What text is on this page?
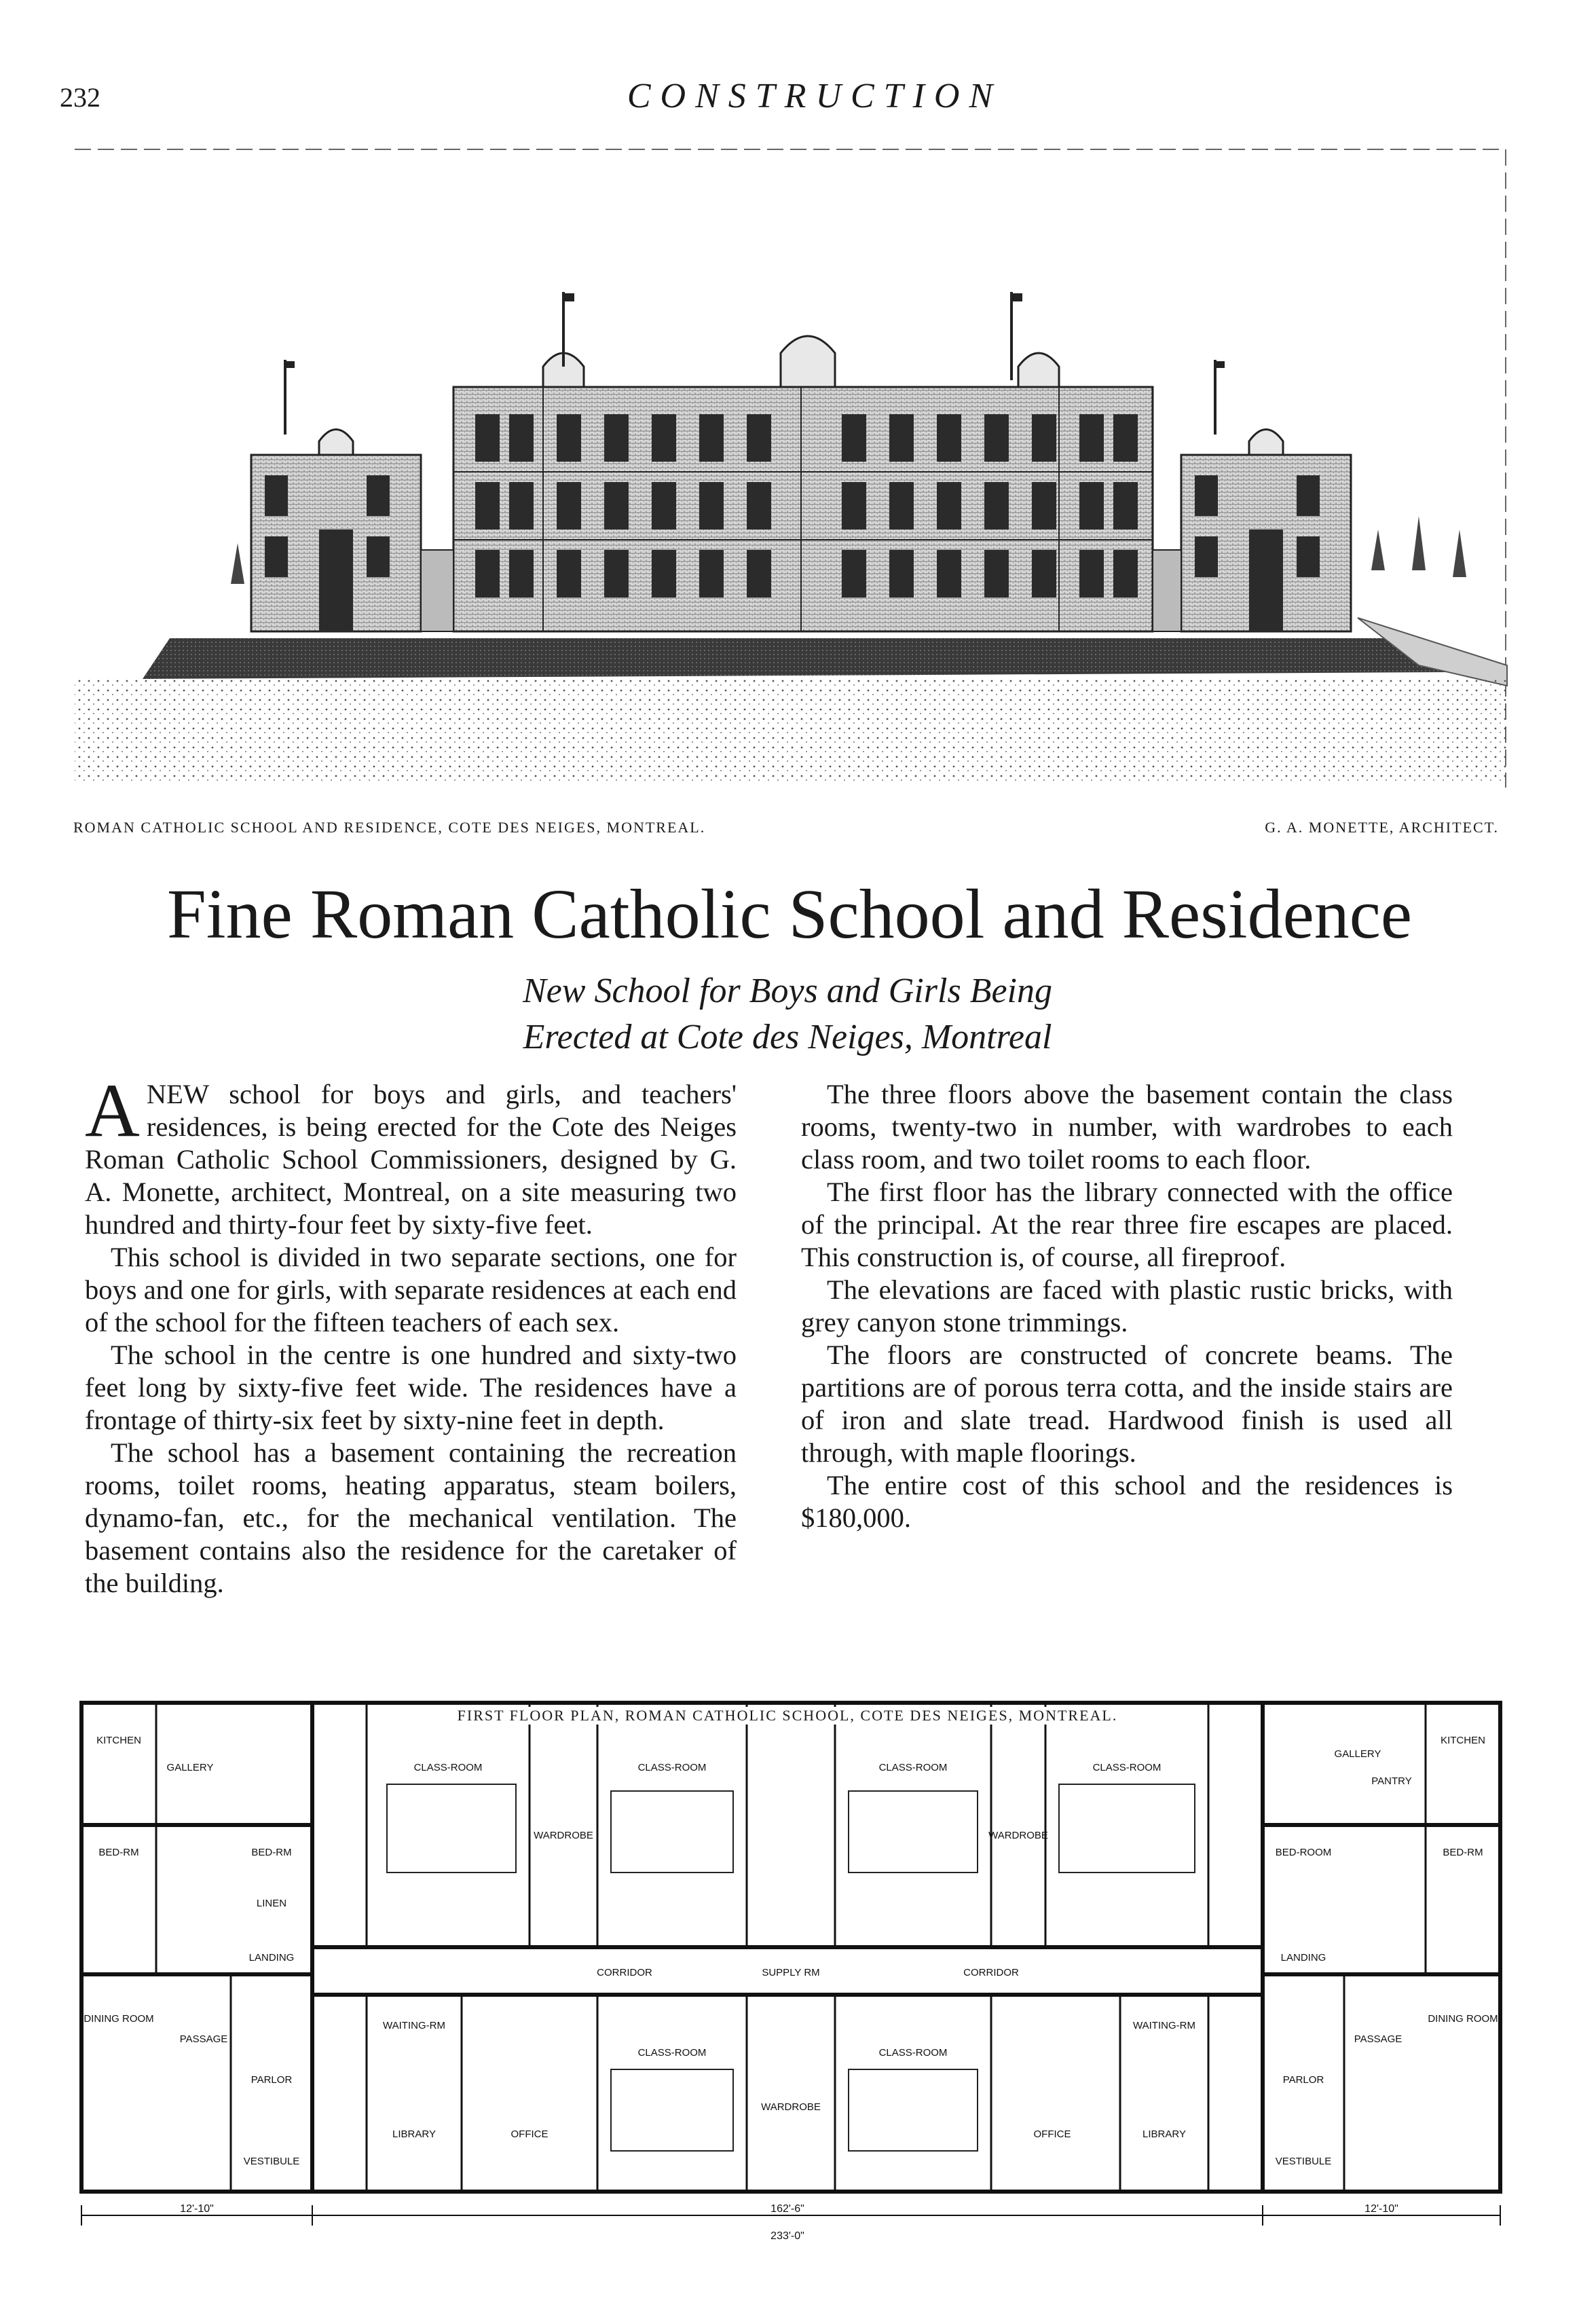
232	CONSTRUCTION
ROMAN CATHOLIC SCHOOL AND RESIDENCE, COTE DES NEIGES, MONTREAL.	G. A. MONETTE, ARCHITECT.
Fine Roman Catholic School and Residence
New School for Boys and Girls Being
Erected at Cote des Neiges, Montreal

ANEW school for boys and girls, and teachers' residences, is being erected for the Cote des Neiges Roman Catholic School Commissioners, designed by G. A. Monette, architect, Montreal, on a site measuring two hundred and thirty-four feet by sixty-five feet.

This school is divided in two separate sections, one for boys and one for girls, with separate residences at each end of the school for the fifteen teachers of each sex.

The school in the centre is one hundred and sixty-two feet long by sixty-five feet wide. The residences have a frontage of thirty-six feet by sixty-nine feet in depth.

The school has a basement containing the recreation rooms, toilet rooms, heating apparatus, steam boilers, dynamo-fan, etc., for the mechanical ventilation. The basement contains also the residence for the caretaker of the building.

The three floors above the basement contain the class rooms, twenty-two in number, with wardrobes to each class room, and two toilet rooms to each floor.

The first floor has the library connected with the office of the principal. At the rear three fire escapes are placed. This construction is, of course, all fireproof.

The elevations are faced with plastic rustic bricks, with grey canyon stone trimmings.

The floors are constructed of concrete beams. The partitions are of porous terra cotta, and the inside stairs are of iron and slate tread. Hardwood finish is used all through, with maple floorings.

The entire cost of this school and the residences is $180,000.

KITCHEN
GALLERY
BED-RM	BED-RM
LINEN
DINING ROOM
PASSAGE
LANDING
PARLOR
LIBRARY	OFFICE
WAITING-RM
VESTIBULE
CLASS-ROOM	CLASS-ROOM	CLASS-ROOM	CLASS-ROOM
CLASS-ROOM	CLASS-ROOM
WARDROBE	WARDROBE
WARDROBE
CORRIDOR	CORRIDOR
SUPPLY RM
KITCHEN
GALLERY
PANTRY
BED-ROOM	BED-RM
DINING ROOM
PASSAGE
LANDING
PARLOR
OFFICE	LIBRARY
WAITING-RM
VESTIBULE
12'-10"	162'-6"	12'-10"
233'-0"
FIRST FLOOR PLAN, ROMAN CATHOLIC SCHOOL, COTE DES NEIGES, MONTREAL.
